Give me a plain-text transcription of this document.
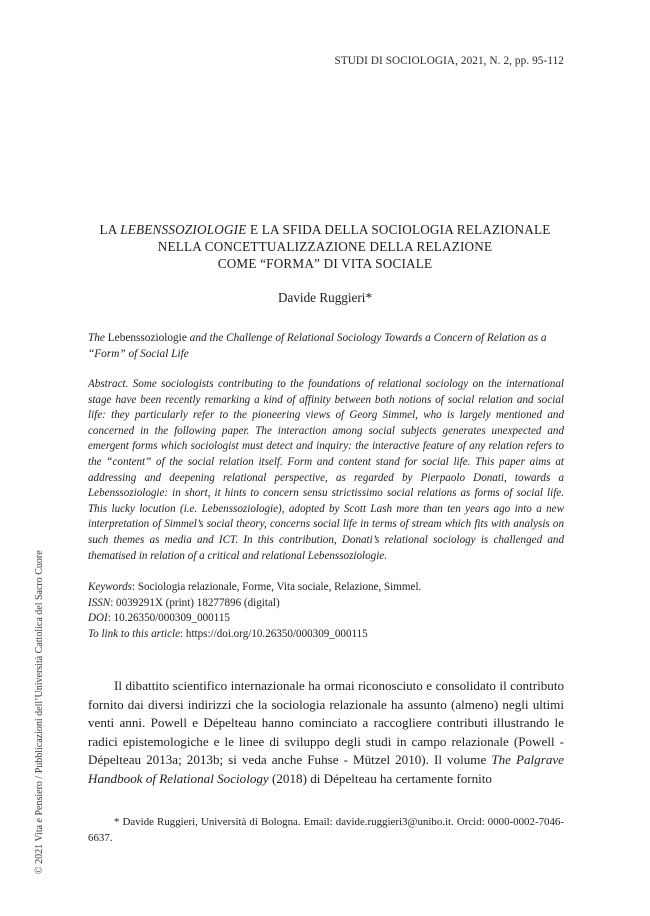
STUDI DI SOCIOLOGIA, 2021, N. 2, pp. 95-112
LA LEBENSSOZIOLOGIE E LA SFIDA DELLA SOCIOLOGIA RELAZIONALE
NELLA CONCETTUALIZZAZIONE DELLA RELAZIONE
COME “FORMA” DI VITA SOCIALE
Davide Ruggieri*
The Lebenssoziologie and the Challenge of Relational Sociology Towards a Concern of Relation as a “Form” of Social Life
Abstract. Some sociologists contributing to the foundations of relational sociology on the international stage have been recently remarking a kind of affinity between both notions of social relation and social life: they particularly refer to the pioneering views of Georg Simmel, who is largely mentioned and concerned in the following paper. The interaction among social subjects generates unexpected and emergent forms which sociologist must detect and inquiry: the interactive feature of any relation refers to the “content” of the social relation itself. Form and content stand for social life. This paper aims at addressing and deepening relational perspective, as regarded by Pierpaolo Donati, towards a Lebenssoziologie: in short, it hints to concern sensu strictissimo social relations as forms of social life. This lucky locution (i.e. Lebenssoziologie), adopted by Scott Lash more than ten years ago into a new interpretation of Simmel’s social theory, concerns social life in terms of stream which fits with analysis on such themes as media and ICT. In this contribution, Donati’s relational sociology is challenged and thematised in relation of a critical and relational Lebenssoziologie.
Keywords: Sociologia relazionale, Forme, Vita sociale, Relazione, Simmel.
ISSN: 0039291X (print) 18277896 (digital)
DOI: 10.26350/000309_000115
To link to this article: https://doi.org/10.26350/000309_000115

Il dibattito scientifico internazionale ha ormai riconosciuto e consolidato il contributo fornito dai diversi indirizzi che la sociologia relazionale ha assunto (almeno) negli ultimi venti anni. Powell e Dépelteau hanno cominciato a raccogliere contributi illustrando le radici epistemologiche e le linee di sviluppo degli studi in campo relazionale (Powell - Dépelteau 2013a; 2013b; si veda anche Fuhse - Mützel 2010). Il volume The Palgrave Handbook of Relational Sociology (2018) di Dépelteau ha certamente fornito

* Davide Ruggieri, Università di Bologna. Email: davide.ruggieri3@unibo.it. Orcid: 0000-0002-7046-6637.

© 2021 Vita e Pensiero / Pubblicazioni dell’Università Cattolica del Sacro Cuore
